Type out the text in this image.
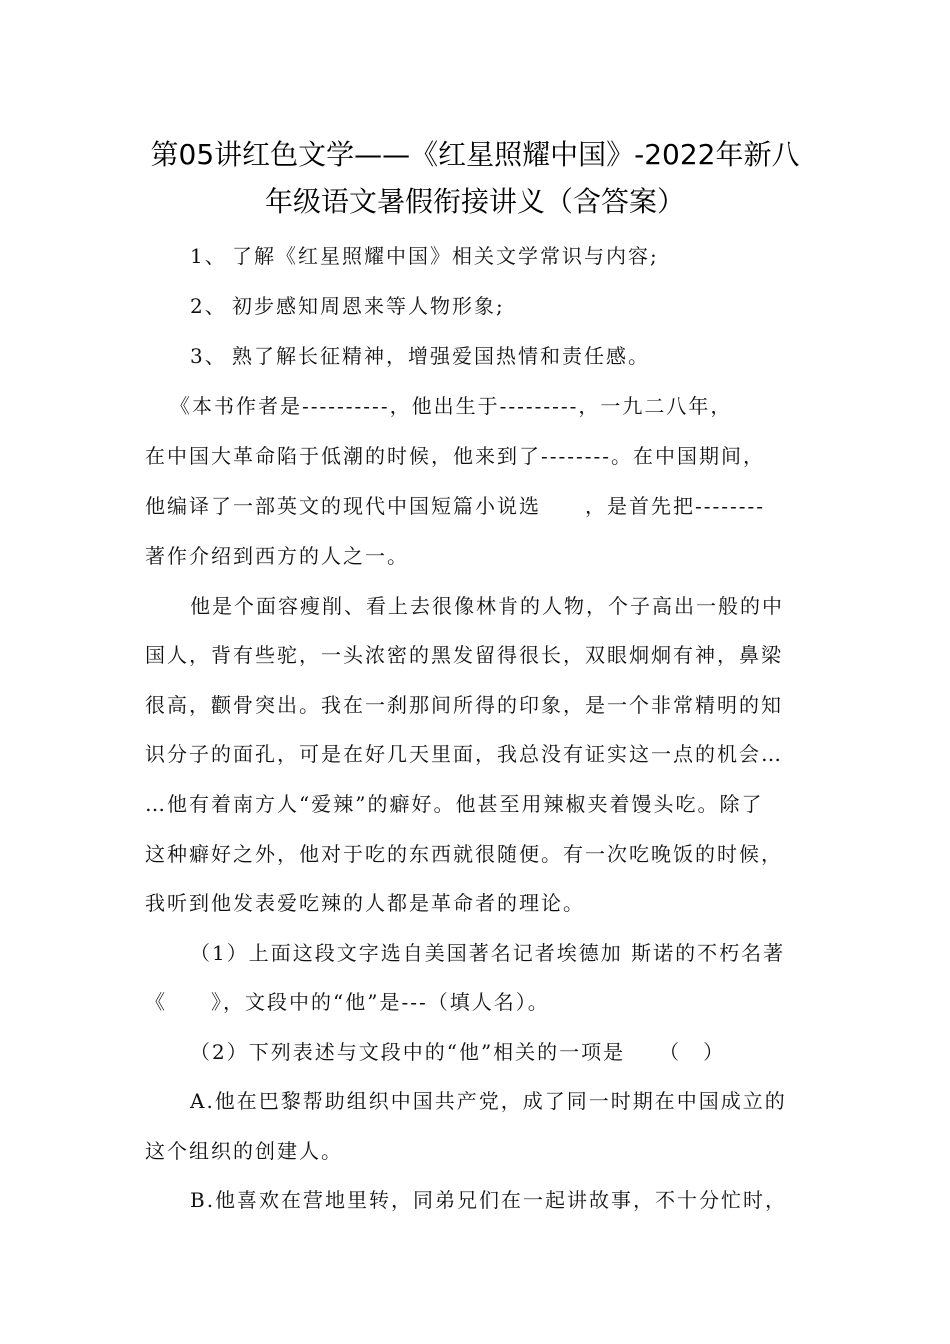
第05讲红色文学——《红星照耀中国》-2022年新八
年级语文暑假衔接讲义（含答案）
1、 了解《红星照耀中国》相关文学常识与内容;
2、 初步感知周恩来等人物形象;
3、 熟了解长征精神，增强爱国热情和责任感。
《本书作者是----------，他出生于---------，一九二八年，
在中国大革命陷于低潮的时候，他来到了--------。在中国期间，
他编译了一部英文的现代中国短篇小说选　　，是首先把--------
著作介绍到西方的人之一。
他是个面容瘦削、看上去很像林肯的人物，个子高出一般的中
国人，背有些驼，一头浓密的黑发留得很长，双眼炯炯有神，鼻梁
很高，颧骨突出。我在一刹那间所得的印象，是一个非常精明的知
识分子的面孔，可是在好几天里面，我总没有证实这一点的机会…
…他有着南方人“爱辣”的癖好。他甚至用辣椒夹着馒头吃。除了
这种癖好之外，他对于吃的东西就很随便。有一次吃晚饭的时候，
我听到他发表爱吃辣的人都是革命者的理论。
（1）上面这段文字选自美国著名记者埃德加 斯诺的不朽名著
《　　》，文段中的“他”是---（填人名）。
（2）下列表述与文段中的“他”相关的一项是　　（　）
A.他在巴黎帮助组织中国共产党，成了同一时期在中国成立的
这个组织的创建人。
B.他喜欢在营地里转，同弟兄们在一起讲故事，不十分忙时，
